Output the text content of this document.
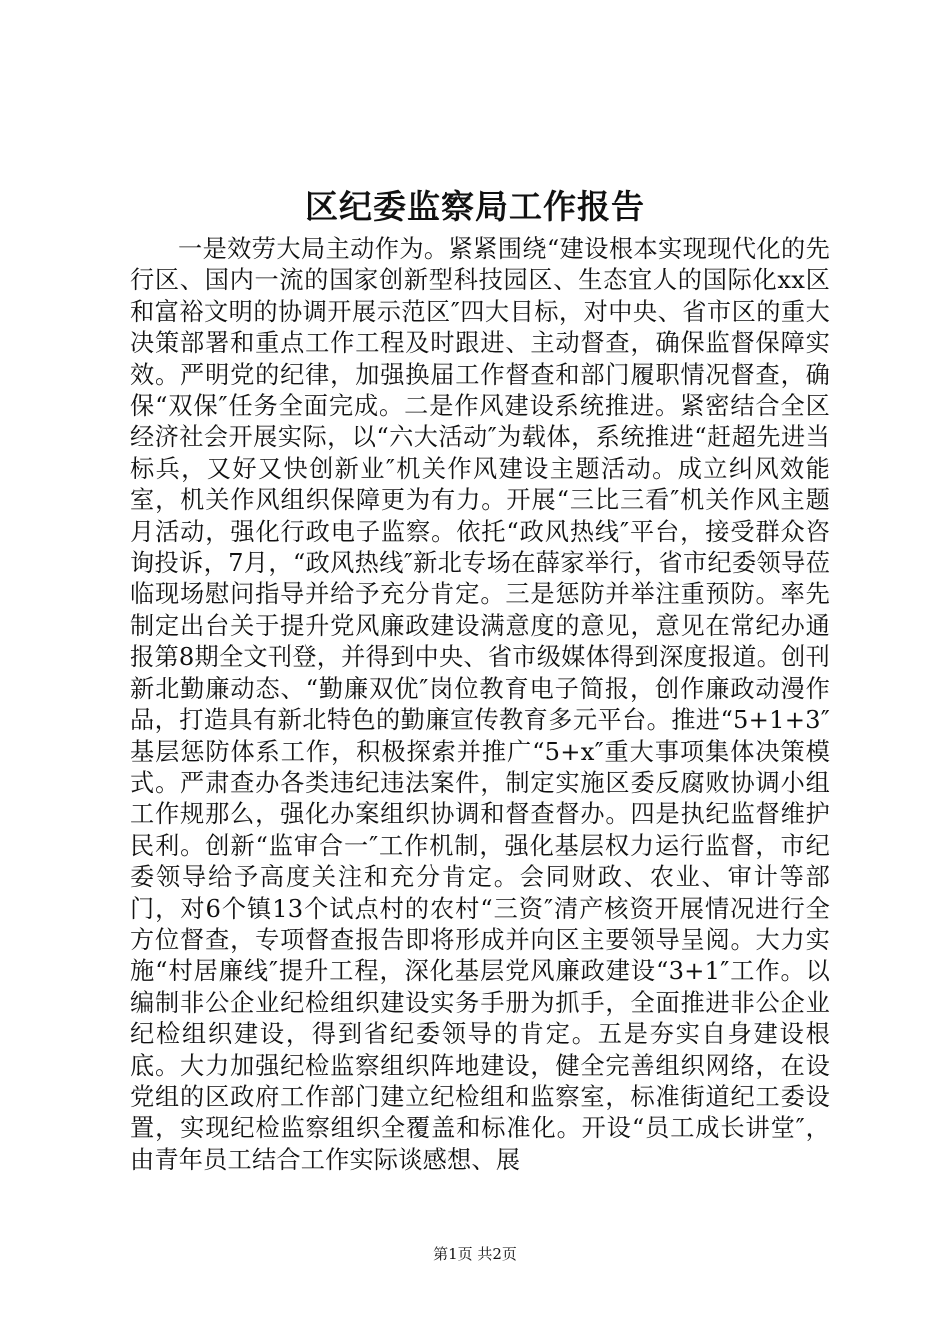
区纪委监察局工作报告

一是效劳大局主动作为。紧紧围绕“建设根本实现现代化的先行区、国内一流的国家创新型科技园区、生态宜人的国际化xx区和富裕文明的协调开展示范区″四大目标，对中央、省市区的重大决策部署和重点工作工程及时跟进、主动督查，确保监督保障实效。严明党的纪律，加强换届工作督查和部门履职情况督查，确保“双保″任务全面完成。二是作风建设系统推进。紧密结合全区经济社会开展实际，以“六大活动″为载体，系统推进“赶超先进当标兵，又好又快创新业″机关作风建设主题活动。成立纠风效能室，机关作风组织保障更为有力。开展“三比三看″机关作风主题月活动，强化行政电子监察。依托“政风热线″平台，接受群众咨询投诉，7月，“政风热线″新北专场在薛家举行，省市纪委领导莅临现场慰问指导并给予充分肯定。三是惩防并举注重预防。率先制定出台关于提升党风廉政建设满意度的意见，意见在常纪办通报第8期全文刊登，并得到中央、省市级媒体得到深度报道。创刊新北勤廉动态、“勤廉双优″岗位教育电子简报，创作廉政动漫作品，打造具有新北特色的勤廉宣传教育多元平台。推进“5+1+3″基层惩防体系工作，积极探索并推广“5+x″重大事项集体决策模式。严肃查办各类违纪违法案件，制定实施区委反腐败协调小组工作规那么，强化办案组织协调和督查督办。四是执纪监督维护民利。创新“监审合一″工作机制，强化基层权力运行监督，市纪委领导给予高度关注和充分肯定。会同财政、农业、审计等部门，对6个镇13个试点村的农村“三资″清产核资开展情况进行全方位督查，专项督查报告即将形成并向区主要领导呈阅。大力实施“村居廉线″提升工程，深化基层党风廉政建设“3+1″工作。以编制非公企业纪检组织建设实务手册为抓手，全面推进非公企业纪检组织建设，得到省纪委领导的肯定。五是夯实自身建设根底。大力加强纪检监察组织阵地建设，健全完善组织网络，在设党组的区政府工作部门建立纪检组和监察室，标准街道纪工委设置，实现纪检监察组织全覆盖和标准化。开设“员工成长讲堂″，由青年员工结合工作实际谈感想、展

第1页 共2页
